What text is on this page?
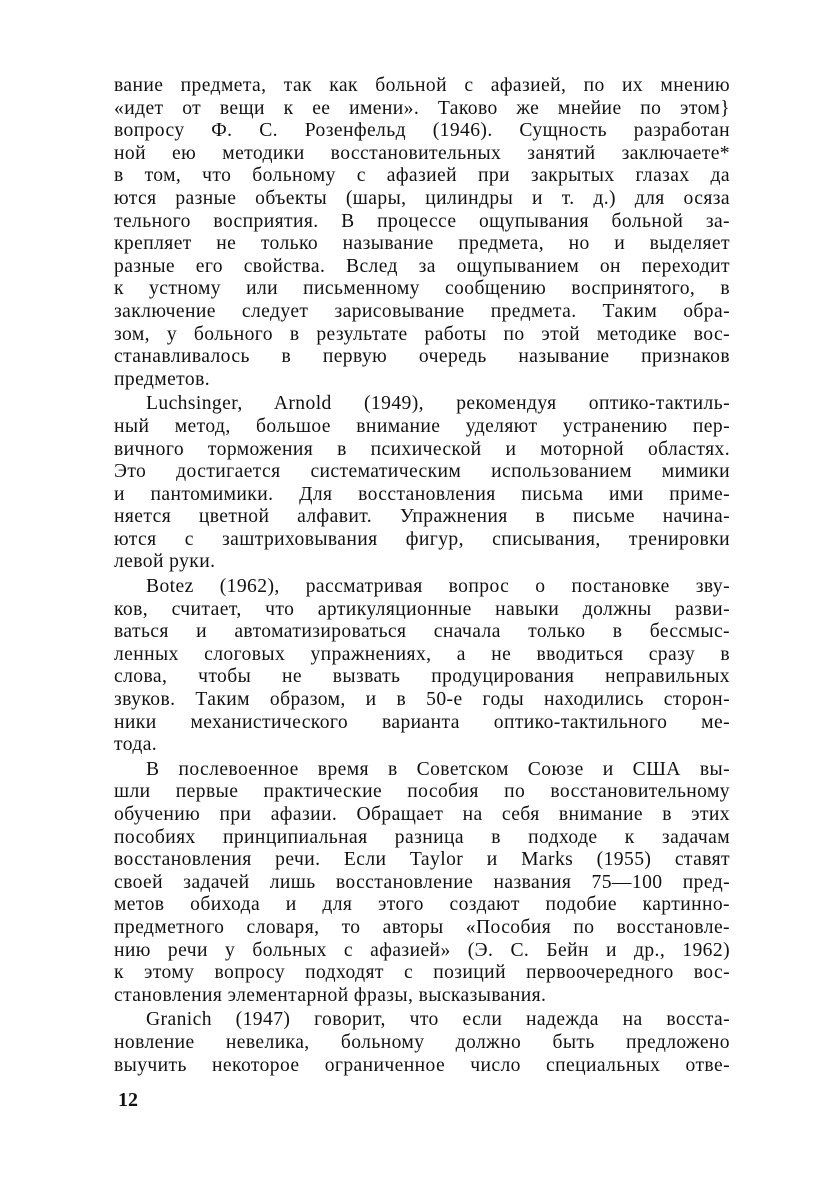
вание предмета, так как больной с афазией, по их мнению
«идет от вещи к ее имени». Таково же мнейие по этом}
вопросу Ф. С. Розенфельд (1946). Сущность разработан
ной ею методики восстановительных занятий заключаете*
в том, что больному с афазией при закрытых глазах да
ются разные объекты (шары, цилиндры и т. д.) для осяза
тельного восприятия. В процессе ощупывания больной за-
крепляет не только называние предмета, но и выделяет
разные его свойства. Вслед за ощупыванием он переходит
к устному или письменному сообщению воспринятого, в
заключение следует зарисовывание предмета. Таким обра-
зом, у больного в результате работы по этой методике вос-
станавливалось в первую очередь называние признаков
предметов.
Luchsinger, Arnold (1949), рекомендуя оптико-тактиль-
ный метод, большое внимание уделяют устранению пер-
вичного торможения в психической и моторной областях.
Это достигается систематическим использованием мимики
и пантомимики. Для восстановления письма ими приме-
няется цветной алфавит. Упражнения в письме начина-
ются с заштриховывания фигур, списывания, тренировки
левой руки.
Botez (1962), рассматривая вопрос о постановке зву-
ков, считает, что артикуляционные навыки должны разви-
ваться и автоматизироваться сначала только в бессмыс-
ленных слоговых упражнениях, а не вводиться сразу в
слова, чтобы не вызвать продуцирования неправильных
звуков. Таким образом, и в 50-е годы находились сторон-
ники механистического варианта оптико-тактильного ме-
тода.
В послевоенное время в Советском Союзе и США вы-
шли первые практические пособия по восстановительному
обучению при афазии. Обращает на себя внимание в этих
пособиях принципиальная разница в подходе к задачам
восстановления речи. Если Taylor и Marks (1955) ставят
своей задачей лишь восстановление названия 75—100 пред-
метов обихода и для этого создают подобие картинно-
предметного словаря, то авторы «Пособия по восстановле-
нию речи у больных с афазией» (Э. С. Бейн и др., 1962)
к этому вопросу подходят с позиций первоочередного вос-
становления элементарной фразы, высказывания.
Granich (1947) говорит, что если надежда на восста-
новление невелика, больному должно быть предложено
выучить некоторое ограниченное число специальных отве-
12
